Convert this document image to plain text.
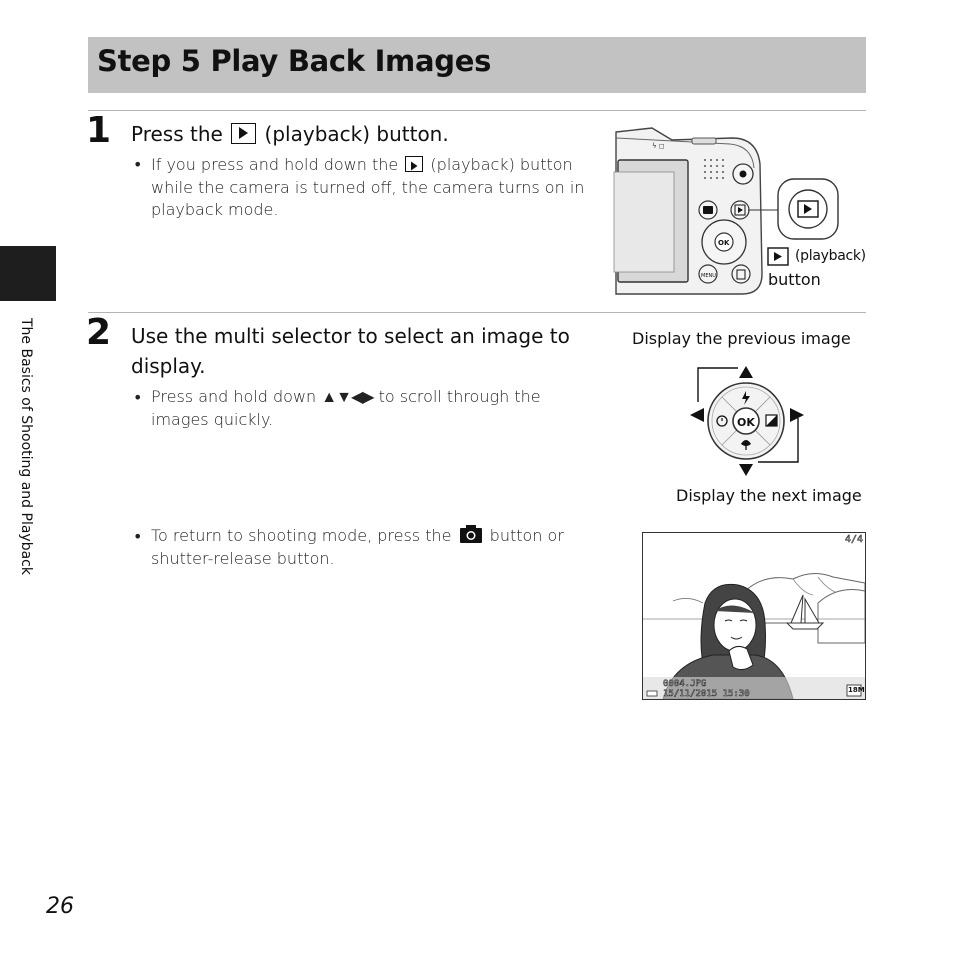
Step 5 Play Back Images
The Basics of Shooting and Playback
1 Press the (playback) button.
• If you press and hold down the (playback) button
while the camera is turned off, the camera turns on in
playback mode.
ϟ ◻
OK
MENU
(playback)
button
2 Use the multi selector to select an image to
display.
• Press and hold down ▲▼◀▶ to scroll through the
images quickly.
Display the previous image
Display the next image
OK
• To return to shooting mode, press the button or
shutter-release button.
4/4
0004.JPG
15/11/2015 15:30	18M
26
